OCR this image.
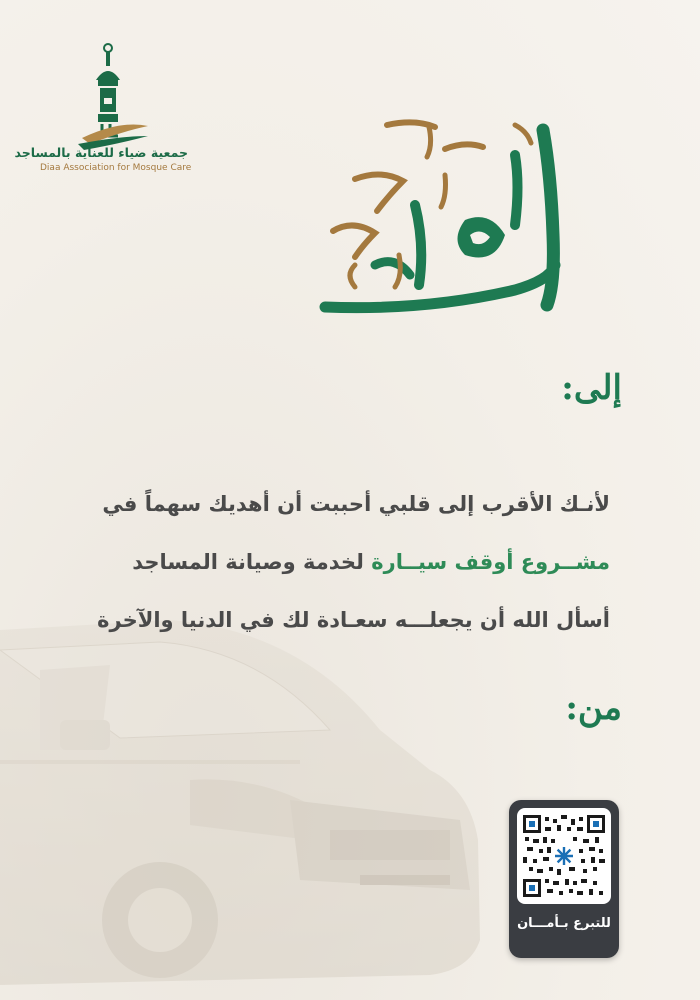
جمعية ضياء للعناية بالمساجد
Diaa Association for Mosque Care
إلى:
لأنـك الأقرب إلى قلبي أحببت أن أهديك سهماً في
مشــروع أوقف سيــارة لخدمة وصيانة المساجد
أسأل الله أن يجعلـــه سعـادة لك في الدنيا والآخرة
من:
للتبرع بـأمـــان
